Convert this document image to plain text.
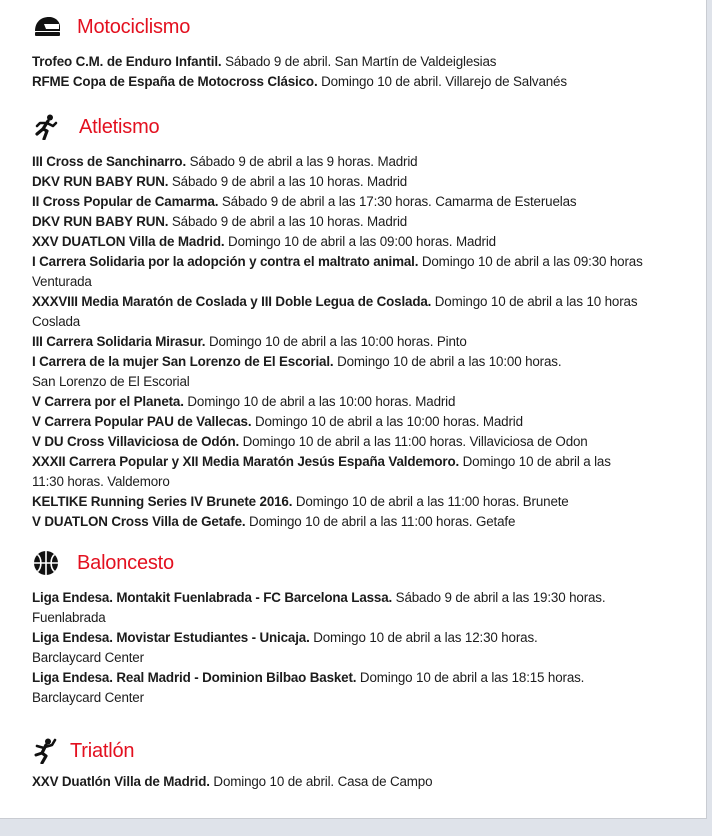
Motociclismo
Trofeo C.M. de Enduro Infantil. Sábado 9 de abril. San Martín de Valdeiglesias
RFME Copa de España de Motocross Clásico. Domingo 10 de abril. Villarejo de Salvanés
Atletismo
III Cross de Sanchinarro. Sábado 9 de abril a las 9 horas. Madrid
DKV RUN BABY RUN. Sábado 9 de abril a las 10 horas. Madrid
II Cross Popular de Camarma. Sábado 9 de abril a las 17:30 horas. Camarma de Esteruelas
DKV RUN BABY RUN. Sábado 9 de abril a las 10 horas. Madrid
XXV DUATLON Villa de Madrid. Domingo 10 de abril a las 09:00 horas. Madrid
I Carrera Solidaria por la adopción y contra el maltrato animal. Domingo 10 de abril a las 09:30 horas
Venturada
XXXVIII Media Maratón de Coslada y III Doble Legua de Coslada. Domingo 10 de abril a las 10 horas
Coslada
III Carrera Solidaria Mirasur. Domingo 10 de abril a las 10:00 horas. Pinto
I Carrera de la mujer San Lorenzo de El Escorial. Domingo 10 de abril a las 10:00 horas.
San Lorenzo de El Escorial
V Carrera por el Planeta. Domingo 10 de abril a las 10:00 horas. Madrid
V Carrera Popular PAU de Vallecas. Domingo 10 de abril a las 10:00 horas. Madrid
V DU Cross Villaviciosa de Odón. Domingo 10 de abril a las 11:00 horas. Villaviciosa de Odon
XXXII Carrera Popular y XII Media Maratón Jesús España Valdemoro. Domingo 10 de abril a las
11:30 horas. Valdemoro
KELTIKE Running Series IV Brunete 2016. Domingo 10 de abril a las 11:00 horas. Brunete
V DUATLON Cross Villa de Getafe. Domingo 10 de abril a las 11:00 horas. Getafe
Baloncesto
Liga Endesa. Montakit Fuenlabrada - FC Barcelona Lassa. Sábado 9 de abril a las 19:30 horas.
Fuenlabrada
Liga Endesa. Movistar Estudiantes - Unicaja. Domingo 10 de abril a las 12:30 horas.
Barclaycard Center
Liga Endesa. Real Madrid - Dominion Bilbao Basket. Domingo 10 de abril a las 18:15 horas.
Barclaycard Center
Triatlón
XXV Duatlón Villa de Madrid. Domingo 10 de abril. Casa de Campo
